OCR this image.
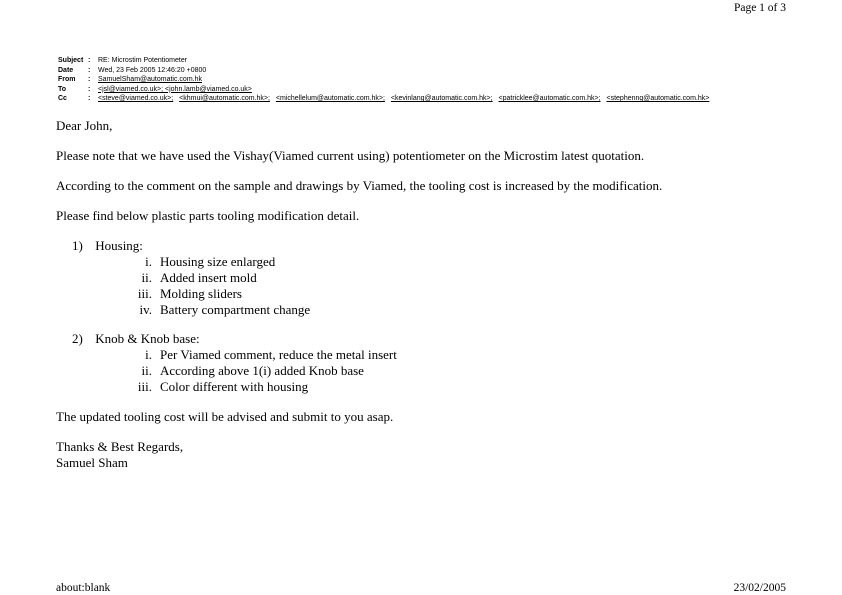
Page 1 of 3
Subject :	RE: Microstim Potentiometer
Date	:	Wed, 23 Feb 2005 12:46:20 +0800
From	:	SamuelSham@automatic.com.hk
To	:	<jsl@viamed.co.uk>; <john.lamb@viamed.co.uk>
Cc	:	<steve@viamed.co.uk>; <khmui@automatic.com.hk>; <michellelum@automatic.com.hk>; <kevinlang@automatic.com.hk>; <patricklee@automatic.com.hk>; <stephenng@automatic.com.hk>

Dear John,

Please note that we have used the Vishay(Viamed current using) potentiometer on the Microstim latest quotation.

According to the comment on the sample and drawings by Viamed, the tooling cost is increased by the modification.

Please find below plastic parts tooling modification detail.

1) Housing:
i. Housing size enlarged
ii. Added insert mold
iii. Molding sliders
iv. Battery compartment change
2) Knob & Knob base:
i. Per Viamed comment, reduce the metal insert
ii. According above 1(i) added Knob base
iii. Color different with housing

The updated tooling cost will be advised and submit to you asap.

Thanks & Best Regards,

Samuel Sham

about:blank	23/02/2005
